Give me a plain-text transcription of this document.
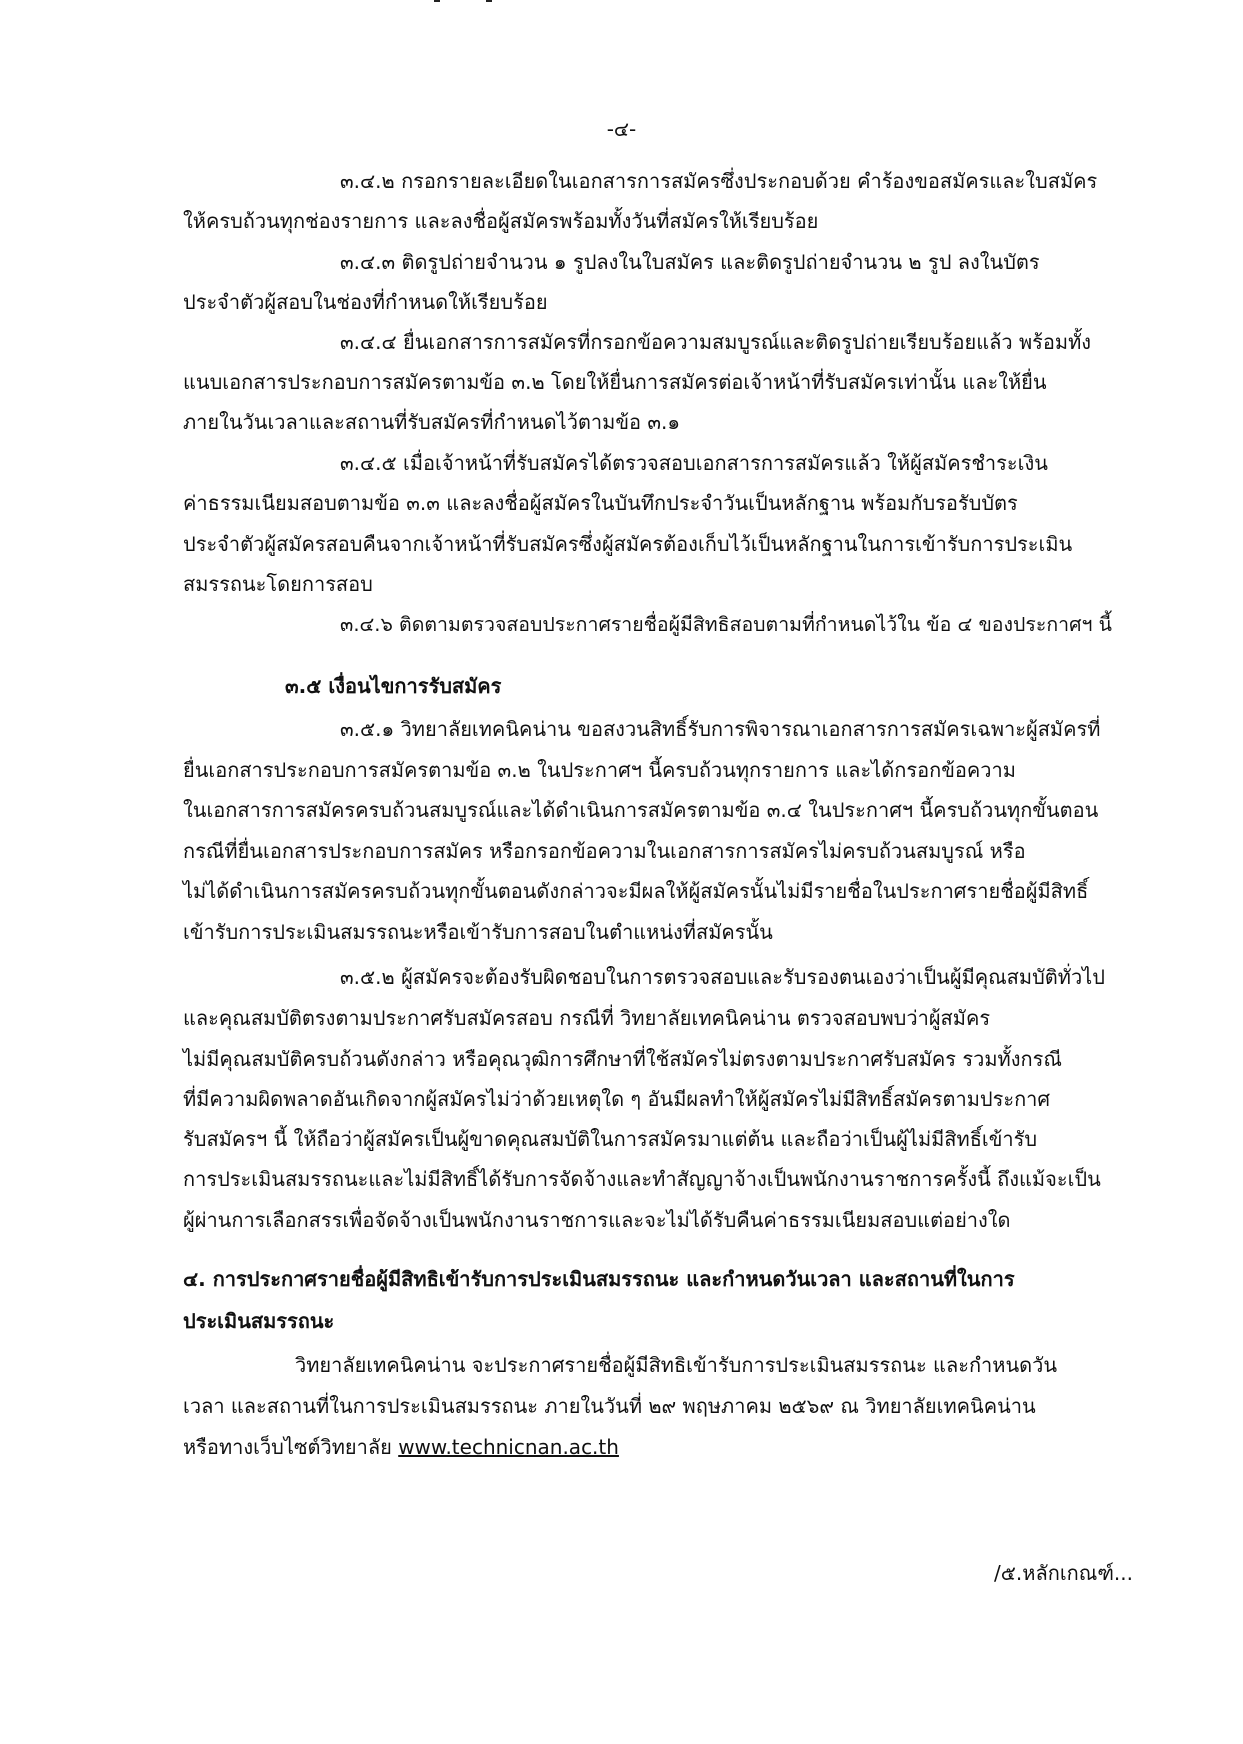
-๔-
๓.๔.๒ กรอกรายละเอียดในเอกสารการสมัครซึ่งประกอบด้วย คำร้องขอสมัครและใบสมัคร
ให้ครบถ้วนทุกช่องรายการ และลงชื่อผู้สมัครพร้อมทั้งวันที่สมัครให้เรียบร้อย
๓.๔.๓ ติดรูปถ่ายจำนวน ๑ รูปลงในใบสมัคร และติดรูปถ่ายจำนวน ๒ รูป ลงในบัตร
ประจำตัวผู้สอบในช่องที่กำหนดให้เรียบร้อย
๓.๔.๔ ยื่นเอกสารการสมัครที่กรอกข้อความสมบูรณ์และติดรูปถ่ายเรียบร้อยแล้ว พร้อมทั้ง
แนบเอกสารประกอบการสมัครตามข้อ ๓.๒ โดยให้ยื่นการสมัครต่อเจ้าหน้าที่รับสมัครเท่านั้น และให้ยื่น
ภายในวันเวลาและสถานที่รับสมัครที่กำหนดไว้ตามข้อ ๓.๑
๓.๔.๕ เมื่อเจ้าหน้าที่รับสมัครได้ตรวจสอบเอกสารการสมัครแล้ว ให้ผู้สมัครชำระเงิน
ค่าธรรมเนียมสอบตามข้อ ๓.๓ และลงชื่อผู้สมัครในบันทึกประจำวันเป็นหลักฐาน พร้อมกับรอรับบัตร
ประจำตัวผู้สมัครสอบคืนจากเจ้าหน้าที่รับสมัครซึ่งผู้สมัครต้องเก็บไว้เป็นหลักฐานในการเข้ารับการประเมิน
สมรรถนะโดยการสอบ
๓.๔.๖ ติดตามตรวจสอบประกาศรายชื่อผู้มีสิทธิสอบตามที่กำหนดไว้ใน ข้อ ๔ ของประกาศฯ นี้
๓.๕ เงื่อนไขการรับสมัคร
๓.๕.๑ วิทยาลัยเทคนิคน่าน ขอสงวนสิทธิ์รับการพิจารณาเอกสารการสมัครเฉพาะผู้สมัครที่
ยื่นเอกสารประกอบการสมัครตามข้อ ๓.๒ ในประกาศฯ นี้ครบถ้วนทุกรายการ และได้กรอกข้อความ
ในเอกสารการสมัครครบถ้วนสมบูรณ์และได้ดำเนินการสมัครตามข้อ ๓.๔ ในประกาศฯ นี้ครบถ้วนทุกขั้นตอน
กรณีที่ยื่นเอกสารประกอบการสมัคร หรือกรอกข้อความในเอกสารการสมัครไม่ครบถ้วนสมบูรณ์ หรือ
ไม่ได้ดำเนินการสมัครครบถ้วนทุกขั้นตอนดังกล่าวจะมีผลให้ผู้สมัครนั้นไม่มีรายชื่อในประกาศรายชื่อผู้มีสิทธิ์
เข้ารับการประเมินสมรรถนะหรือเข้ารับการสอบในตำแหน่งที่สมัครนั้น
๓.๕.๒ ผู้สมัครจะต้องรับผิดชอบในการตรวจสอบและรับรองตนเองว่าเป็นผู้มีคุณสมบัติทั่วไป
และคุณสมบัติตรงตามประกาศรับสมัครสอบ กรณีที่ วิทยาลัยเทคนิคน่าน ตรวจสอบพบว่าผู้สมัคร
ไม่มีคุณสมบัติครบถ้วนดังกล่าว หรือคุณวุฒิการศึกษาที่ใช้สมัครไม่ตรงตามประกาศรับสมัคร รวมทั้งกรณี
ที่มีความผิดพลาดอันเกิดจากผู้สมัครไม่ว่าด้วยเหตุใด ๆ อันมีผลทำให้ผู้สมัครไม่มีสิทธิ์สมัครตามประกาศ
รับสมัครฯ นี้ ให้ถือว่าผู้สมัครเป็นผู้ขาดคุณสมบัติในการสมัครมาแต่ต้น และถือว่าเป็นผู้ไม่มีสิทธิ์เข้ารับ
การประเมินสมรรถนะและไม่มีสิทธิ์ได้รับการจัดจ้างและทำสัญญาจ้างเป็นพนักงานราชการครั้งนี้ ถึงแม้จะเป็น
ผู้ผ่านการเลือกสรรเพื่อจัดจ้างเป็นพนักงานราชการและจะไม่ได้รับคืนค่าธรรมเนียมสอบแต่อย่างใด
๔. การประกาศรายชื่อผู้มีสิทธิเข้ารับการประเมินสมรรถนะ และกำหนดวันเวลา และสถานที่ในการ
ประเมินสมรรถนะ
วิทยาลัยเทคนิคน่าน จะประกาศรายชื่อผู้มีสิทธิเข้ารับการประเมินสมรรถนะ และกำหนดวัน
เวลา และสถานที่ในการประเมินสมรรถนะ ภายในวันที่ ๒๙ พฤษภาคม ๒๕๖๙ ณ วิทยาลัยเทคนิคน่าน
หรือทางเว็บไซต์วิทยาลัย www.technicnan.ac.th
/๕.หลักเกณฑ์...
